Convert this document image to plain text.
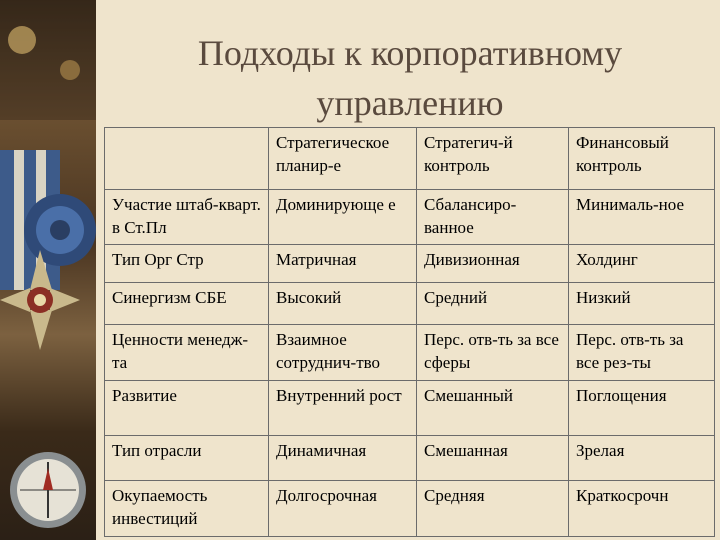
Подходы к корпоративному
управлению
	Стратегическое планир-е	Стратегич-й контроль	Финансовый контроль
Участие штаб-кварт. в Ст.Пл	Доминирующе е	Сбалансиро-ванное	Минималь-ное
Тип Орг Стр	Матричная	Дивизионная	Холдинг
Синергизм СБЕ	Высокий	Средний	Низкий
Ценности менедж-та	Взаимное сотруднич-тво	Перс. отв-ть за все сферы	Перс. отв-ть за все рез-ты
Развитие	Внутренний рост	Смешанный	Поглощения
Тип отрасли	Динамичная	Смешанная	Зрелая
Окупаемость инвестиций	Долгосрочная	Средняя	Краткосрочн
